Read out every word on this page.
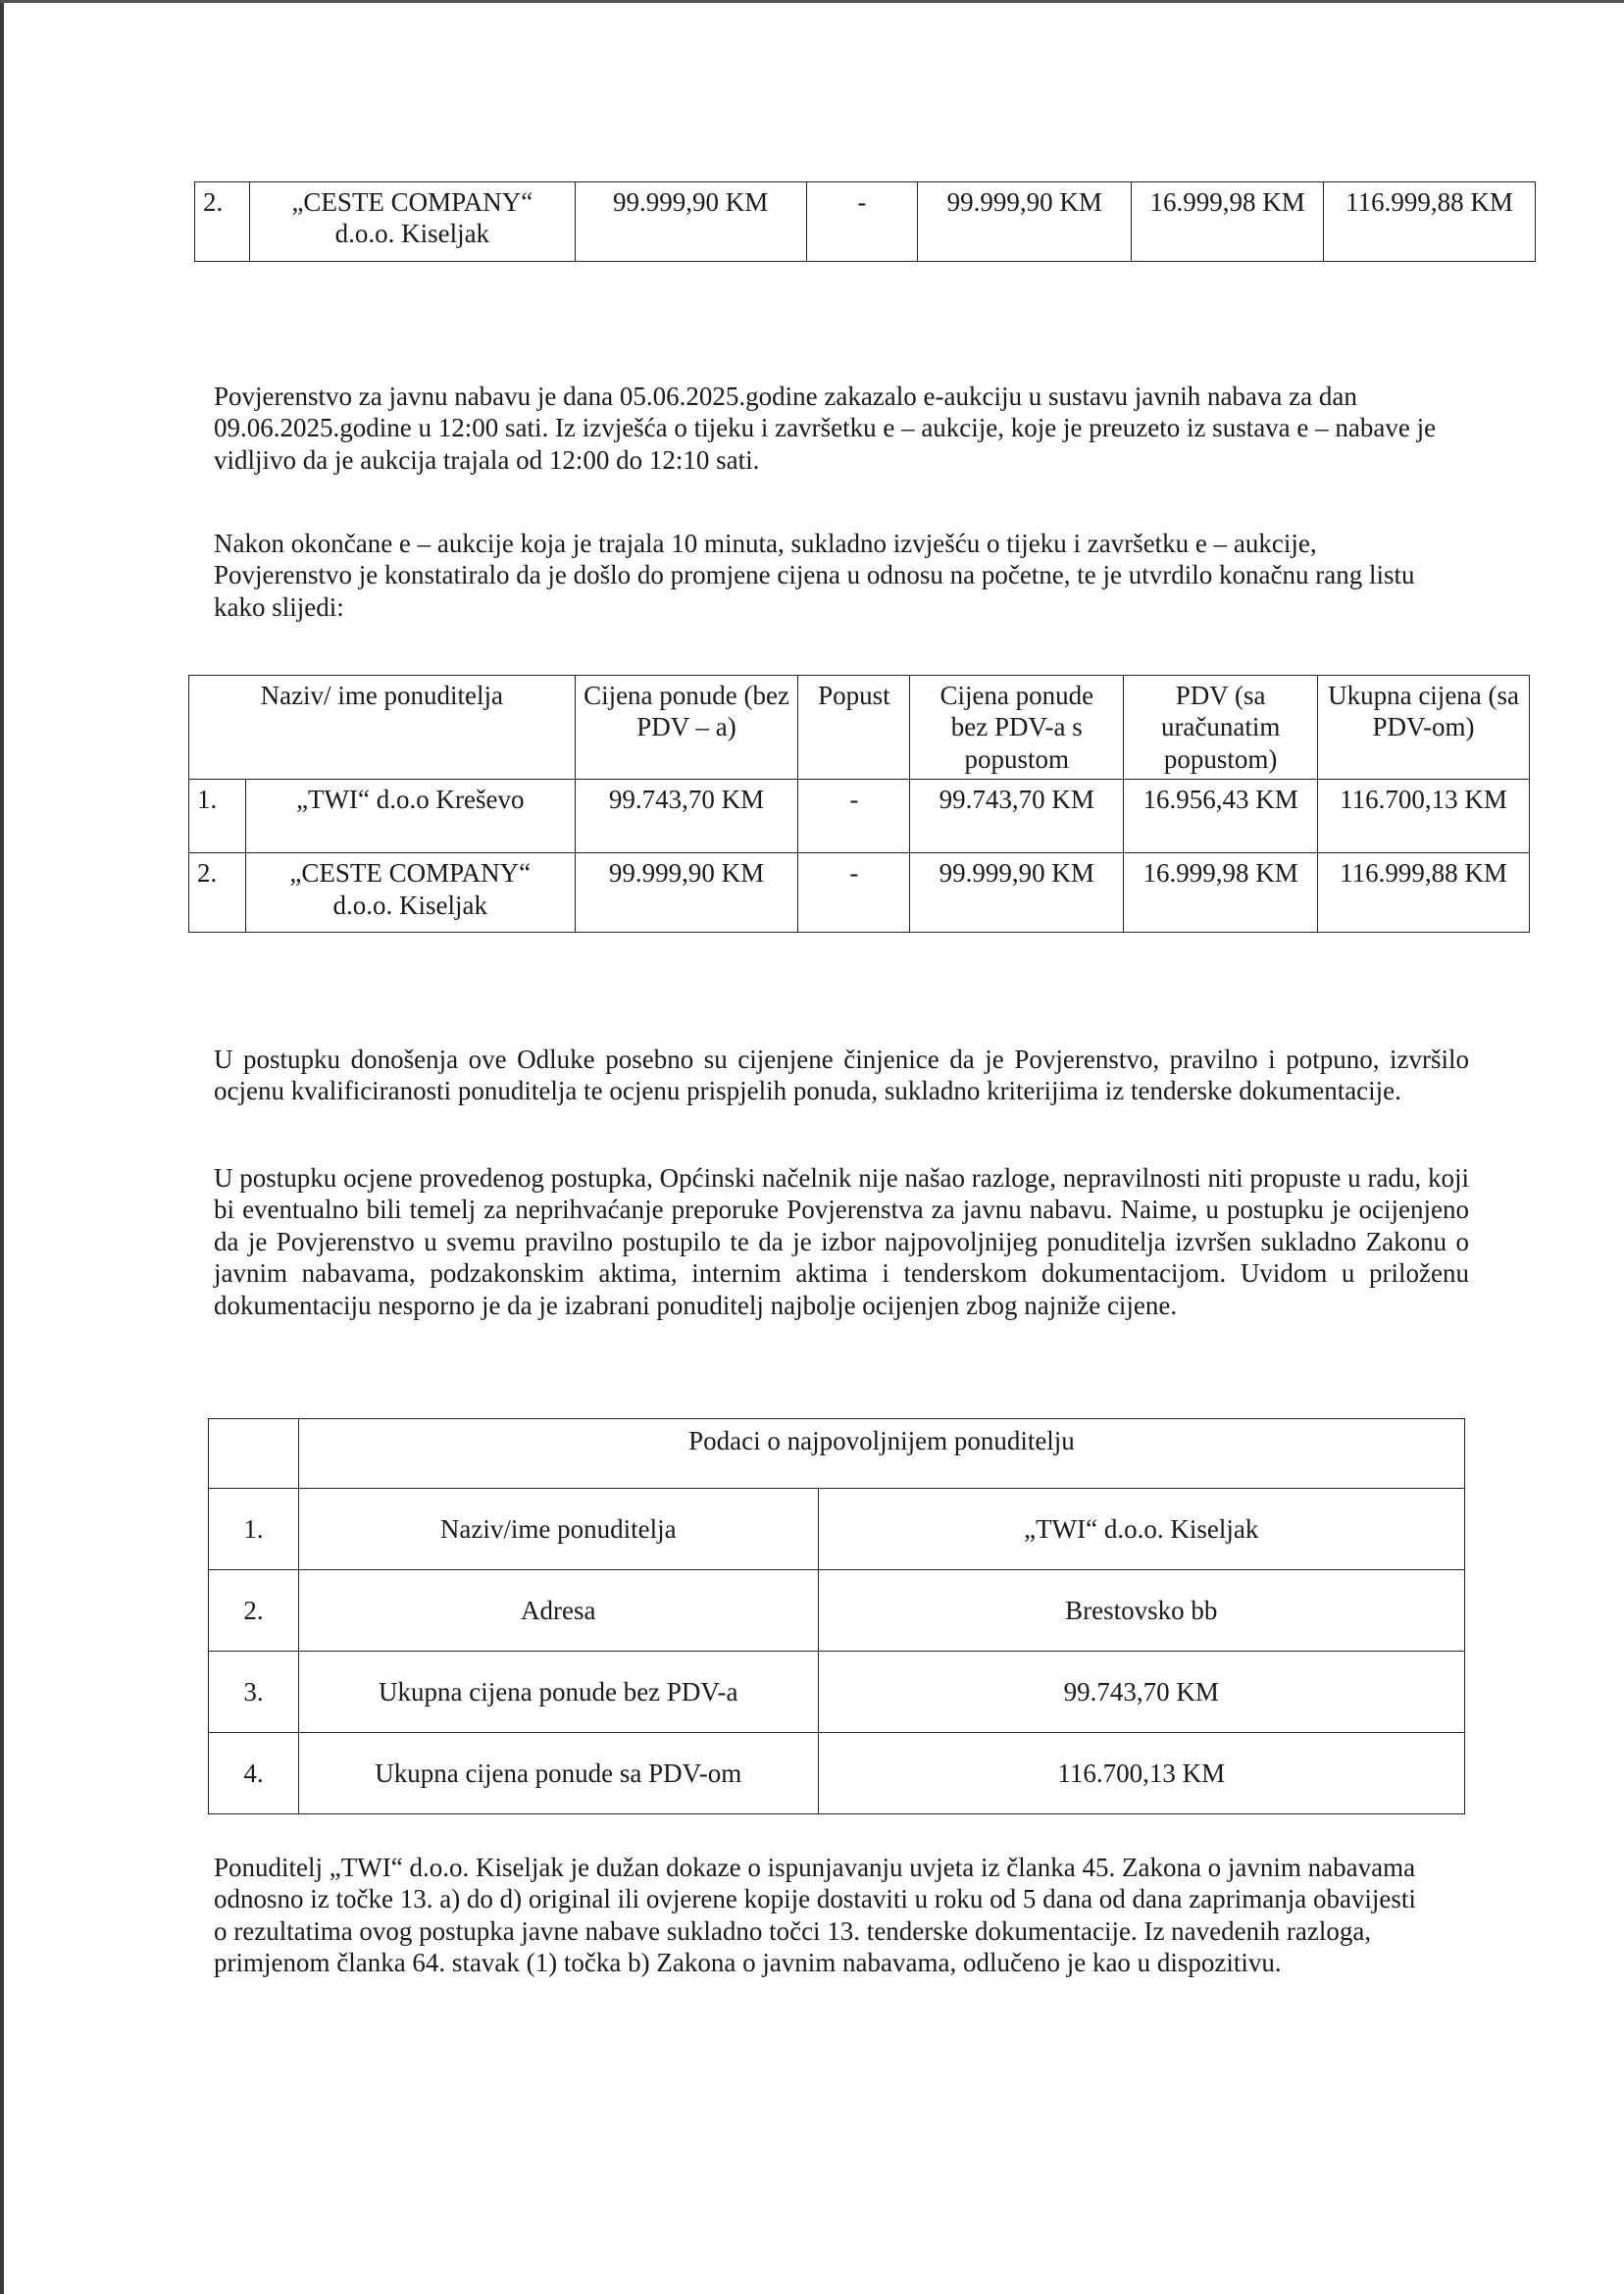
2.	„CESTE COMPANY“
d.o.o. Kiseljak
	99.999,90 KM	-	99.999,90 KM	16.999,98 KM	116.999,88 KM

Povjerenstvo za javnu nabavu je dana 05.06.2025.godine zakazalo e-aukciju u sustavu javnih nabava za dan 09.06.2025.godine u 12:00 sati. Iz izvješća o tijeku i završetku e – aukcije, koje je preuzeto iz sustava e – nabave je vidljivo da je aukcija trajala od 12:00 do 12:10 sati.

Nakon okončane e – aukcije koja je trajala 10 minuta, sukladno izvješću o tijeku i završetku e – aukcije, Povjerenstvo je konstatiralo da je došlo do promjene cijena u odnosu na početne, te je utvrdilo konačnu rang listu kako slijedi:

Naziv/ ime ponuditelja		Cijena ponude (bez PDV – a)	Popust	Cijena ponude bez PDV-a s popustom	PDV (sa uračunatim popustom)	Ukupna cijena (sa PDV-om)
1.	„TWI“ d.o.o Kreševo	99.743,70 KM	-	99.743,70 KM	16.956,43 KM	116.700,13 KM
2.	„CESTE COMPANY“
d.o.o. Kiseljak	99.999,90 KM	-	99.999,90 KM	16.999,98 KM	116.999,88 KM

U postupku donošenja ove Odluke posebno su cijenjene činjenice da je Povjerenstvo, pravilno i potpuno, izvršilo ocjenu kvalificiranosti ponuditelja te ocjenu prispjelih ponuda, sukladno kriterijima iz tenderske dokumentacije.

U postupku ocjene provedenog postupka, Općinski načelnik nije našao razloge, nepravilnosti niti propuste u radu, koji bi eventualno bili temelj za neprihvaćanje preporuke Povjerenstva za javnu nabavu. Naime, u postupku je ocijenjeno da je Povjerenstvo u svemu pravilno postupilo te da je izbor najpovoljnijeg ponuditelja izvršen sukladno Zakonu o javnim nabavama, podzakonskim aktima, internim aktima i tenderskom dokumentacijom. Uvidom u priloženu dokumentaciju nesporno je da je izabrani ponuditelj najbolje ocijenjen zbog najniže cijene.

	Podaci o najpovoljnijem ponuditelju	
1.	Naziv/ime ponuditelja	„TWI“ d.o.o. Kiseljak
2.	Adresa	Brestovsko bb
3.	Ukupna cijena ponude bez PDV-a	99.743,70 KM
4.	Ukupna cijena ponude sa PDV-om	116.700,13 KM

Ponuditelj „TWI“ d.o.o. Kiseljak je dužan dokaze o ispunjavanju uvjeta iz članka 45. Zakona o javnim nabavama odnosno iz točke 13. a) do d) original ili ovjerene kopije dostaviti u roku od 5 dana od dana zaprimanja obavijesti o rezultatima ovog postupka javne nabave sukladno točci 13. tenderske dokumentacije. Iz navedenih razloga, primjenom članka 64. stavak (1) točka b) Zakona o javnim nabavama, odlučeno je kao u dispozitivu.
